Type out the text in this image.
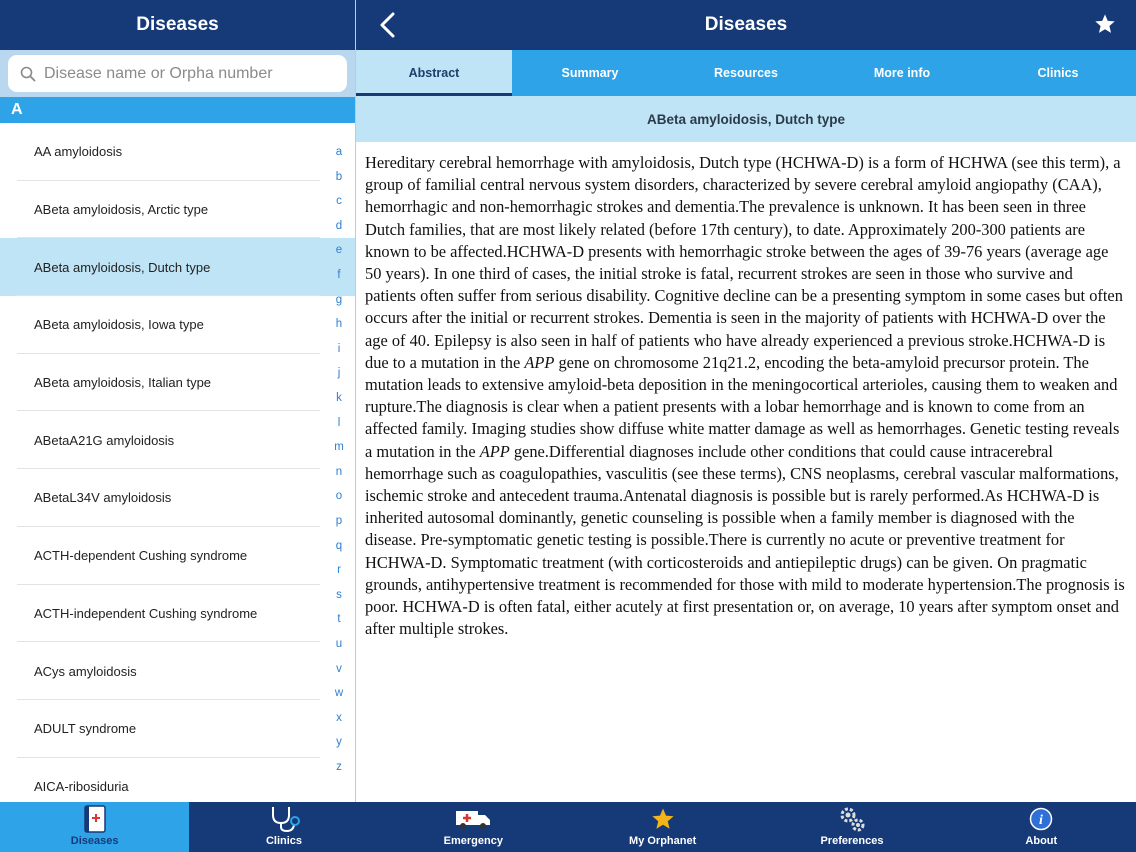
Diseases
Disease name or Orpha number
A
AA amyloidosis
ABeta amyloidosis, Arctic type
ABeta amyloidosis, Dutch type
ABeta amyloidosis, Iowa type
ABeta amyloidosis, Italian type
ABetaA21G amyloidosis
ABetaL34V amyloidosis
ACTH-dependent Cushing syndrome
ACTH-independent Cushing syndrome
ACys amyloidosis
ADULT syndrome
AICA-ribosiduria
a
b
c
d
e
f
g
h
i
j
k
l
m
n
o
p
q
r
s
t
u
v
w
x
y
z
Diseases
Abstract	Summary	Resources	More info	Clinics
ABeta amyloidosis, Dutch type
Hereditary cerebral hemorrhage with amyloidosis, Dutch type (HCHWA-D) is a form of HCHWA (see this term), a group of familial central nervous system disorders, characterized by severe cerebral amyloid angiopathy (CAA), hemorrhagic and non-hemorrhagic strokes and dementia.The prevalence is unknown. It has been seen in three Dutch families, that are most likely related (before 17th century), to date. Approximately 200-300 patients are known to be affected.HCHWA-D presents with hemorrhagic stroke between the ages of 39-76 years (average age 50 years). In one third of cases, the initial stroke is fatal, recurrent strokes are seen in those who survive and patients often suffer from serious disability. Cognitive decline can be a presenting symptom in some cases but often occurs after the initial or recurrent strokes. Dementia is seen in the majority of patients with HCHWA-D over the age of 40. Epilepsy is also seen in half of patients who have already experienced a previous stroke.HCHWA-D is due to a mutation in the APP gene on chromosome 21q21.2, encoding the beta-amyloid precursor protein. The mutation leads to extensive amyloid-beta deposition in the meningocortical arterioles, causing them to weaken and rupture.The diagnosis is clear when a patient presents with a lobar hemorrhage and is known to come from an affected family. Imaging studies show diffuse white matter damage as well as hemorrhages. Genetic testing reveals a mutation in the APP gene.Differential diagnoses include other conditions that could cause intracerebral hemorrhage such as coagulopathies, vasculitis (see these terms), CNS neoplasms, cerebral vascular malformations, ischemic stroke and antecedent trauma.Antenatal diagnosis is possible but is rarely performed.As HCHWA-D is inherited autosomal dominantly, genetic counseling is possible when a family member is diagnosed with the disease. Pre-symptomatic genetic testing is possible.There is currently no acute or preventive treatment for HCHWA-D. Symptomatic treatment (with corticosteroids and antiepileptic drugs) can be given. On pragmatic grounds, antihypertensive treatment is recommended for those with mild to moderate hypertension.The prognosis is poor. HCHWA-D is often fatal, either acutely at first presentation or, on average, 10 years after symptom onset and after multiple strokes.
Diseases	Clinics	Emergency	My Orphanet	Preferences
i
About
